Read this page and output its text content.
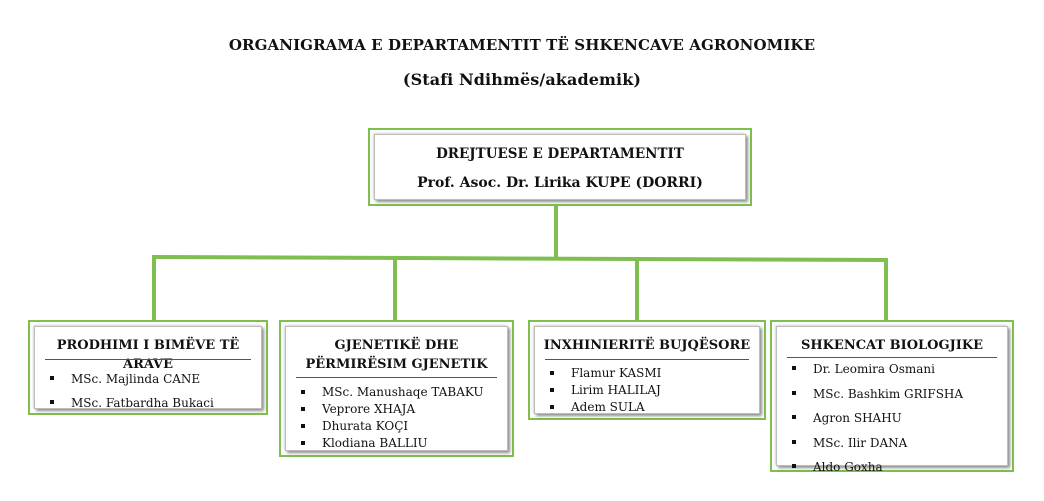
ORGANIGRAMA E DEPARTAMENTIT TË SHKENCAVE AGRONOMIKE
(Stafi Ndihmës/akademik)
DREJTUESE E DEPARTAMENTIT
Prof. Asoc. Dr. Lirika KUPE (DORRI)
PRODHIMI I BIMËVE TË ARAVE
MSc. Majlinda CANE
MSc. Fatbardha Bukaci
GJENETIKË DHE PËRMIRËSIM GJENETIK
MSc. Manushaqe TABAKU
Veprore XHAJA
Dhurata KOÇI
Klodiana BALLIU
INXHINIERITË BUJQËSORE
Flamur KASMI
Lirim HALILAJ
Adem SULA
SHKENCAT BIOLOGJIKE
Dr. Leomira Osmani
MSc. Bashkim GRIFSHA
Agron SHAHU
MSc. Ilir DANA
Aldo Goxha
